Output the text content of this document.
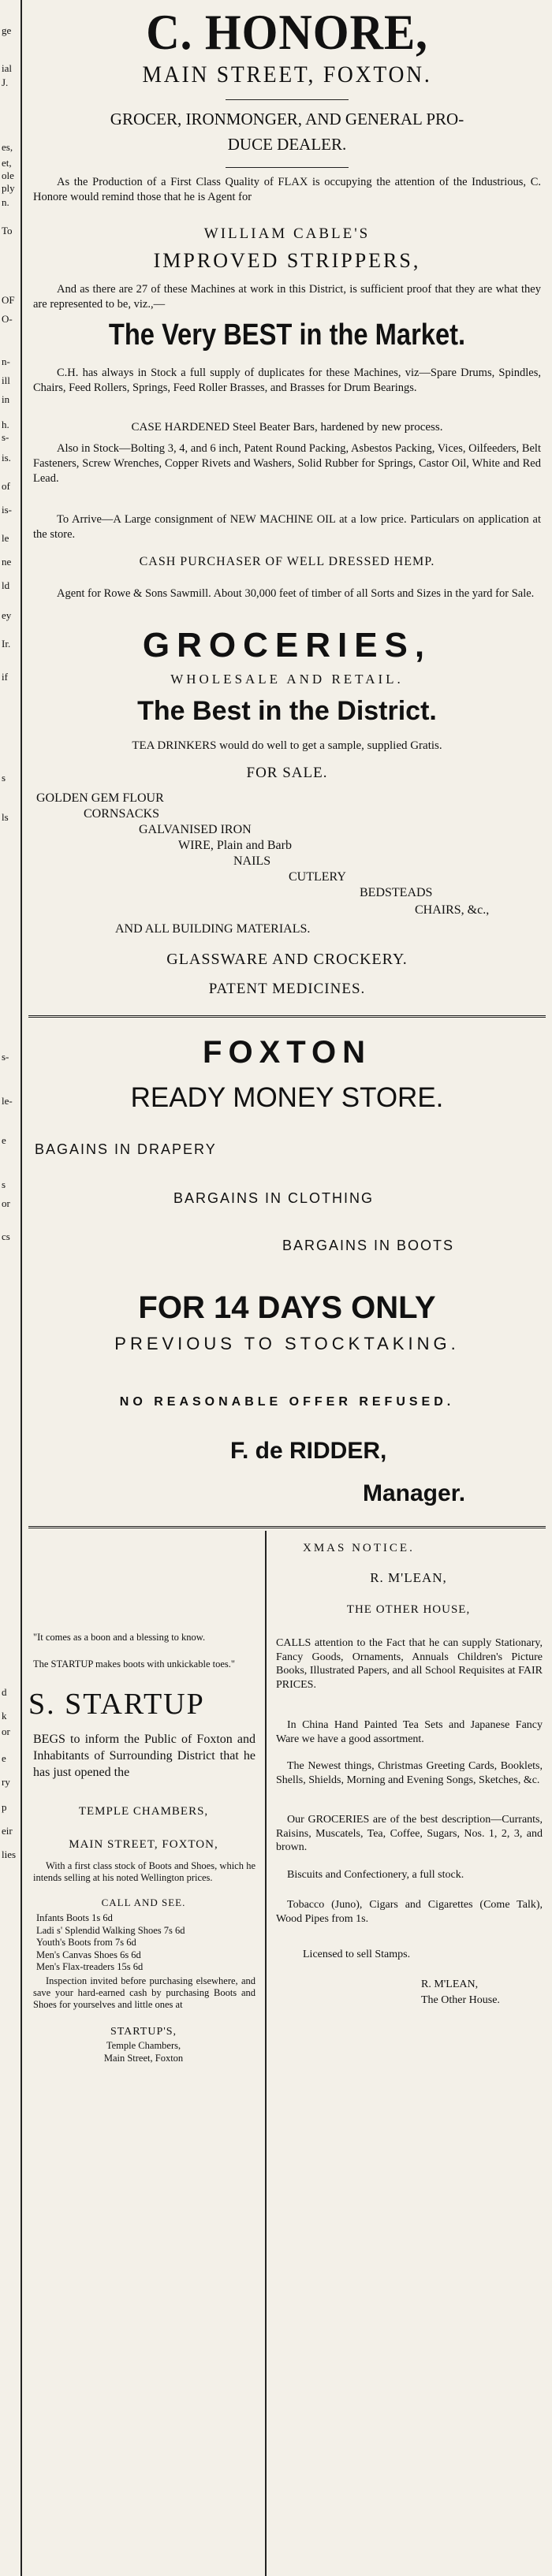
ge
ial
J.
es,
et,
ole
ply
n.
To
OF
O-
n-
ill
in
h.
s-
is.
of
is-
le
ne
ld
ey
Ir.
if
s
ls
s-
le-
e
s
or
cs
d
k
or
e
ry
p
eir
lies
C. HONORE,
MAIN STREET, FOXTON.
GROCER, IRONMONGER, AND GENERAL PRO-
DUCE DEALER.
As the Production of a First Class Quality of FLAX is occupying the attention of the Industrious, C. Honore would remind those that he is Agent for
WILLIAM CABLE'S
IMPROVED STRIPPERS,
And as there are 27 of these Machines at work in this District, is sufficient proof that they are what they are represented to be, viz.,—
The Very BEST in the Market.
C.H. has always in Stock a full supply of duplicates for these Machines, viz—Spare Drums, Spindles, Chairs, Feed Rollers, Springs, Feed Roller Brasses, and Brasses for Drum Bearings.
CASE HARDENED Steel Beater Bars, hardened by new process.
Also in Stock—Bolting 3, 4, and 6 inch, Patent Round Packing, Asbestos Packing, Vices, Oilfeeders, Belt Fasteners, Screw Wrenches, Copper Rivets and Washers, Solid Rubber for Springs, Castor Oil, White and Red Lead.
To Arrive—A Large consignment of NEW MACHINE OIL at a low price. Particulars on application at the store.
CASH PURCHASER OF WELL DRESSED HEMP.
Agent for Rowe & Sons Sawmill. About 30,000 feet of timber of all Sorts and Sizes in the yard for Sale.
GROCERIES,
WHOLESALE AND RETAIL.
The Best in the District.
TEA DRINKERS would do well to get a sample, supplied Gratis.
FOR SALE.
GOLDEN GEM FLOUR
CORNSACKS
GALVANISED IRON
WIRE, Plain and Barb
NAILS
CUTLERY
BEDSTEADS
CHAIRS, &c.,
AND ALL BUILDING MATERIALS.
GLASSWARE AND CROCKERY.
PATENT MEDICINES.
FOXTON
READY MONEY STORE.
BAGAINS IN DRAPERY
BARGAINS IN CLOTHING
BARGAINS IN BOOTS
FOR 14 DAYS ONLY
PREVIOUS TO STOCKTAKING.
NO REASONABLE OFFER REFUSED.
F. de RIDDER,
Manager.
"It comes as a boon and a blessing to know.
The STARTUP makes boots with unkickable toes."
S. STARTUP
BEGS to inform the Public of Foxton and Inhabitants of Surrounding District that he has just opened the
TEMPLE CHAMBERS,
MAIN STREET, FOXTON,
With a first class stock of Boots and Shoes, which he intends selling at his noted Wellington prices.
CALL AND SEE.
Infants Boots 1s 6d
Ladi s' Splendid Walking Shoes 7s 6d
Youth's Boots from 7s 6d
Men's Canvas Shoes 6s 6d
Men's Flax-treaders 15s 6d
Inspection invited before purchasing elsewhere, and save your hard-earned cash by purchasing Boots and Shoes for yourselves and little ones at
STARTUP'S,
Temple Chambers,
Main Street, Foxton
XMAS NOTICE.
R. M'LEAN,
THE OTHER HOUSE,
CALLS attention to the Fact that he can supply Stationary, Fancy Goods, Ornaments, Annuals Children's Picture Books, Illustrated Papers, and all School Requisites at FAIR PRICES.
In China Hand Painted Tea Sets and Japanese Fancy Ware we have a good assortment.
The Newest things, Christmas Greeting Cards, Booklets, Shells, Shields, Morning and Evening Songs, Sketches, &c.
Our GROCERIES are of the best description—Currants, Raisins, Muscatels, Tea, Coffee, Sugars, Nos. 1, 2, 3, and brown.
Biscuits and Confectionery, a full stock.
Tobacco (Juno), Cigars and Cigarettes (Come Talk), Wood Pipes from 1s.
Licensed to sell Stamps.
R. M'LEAN,
The Other House.
